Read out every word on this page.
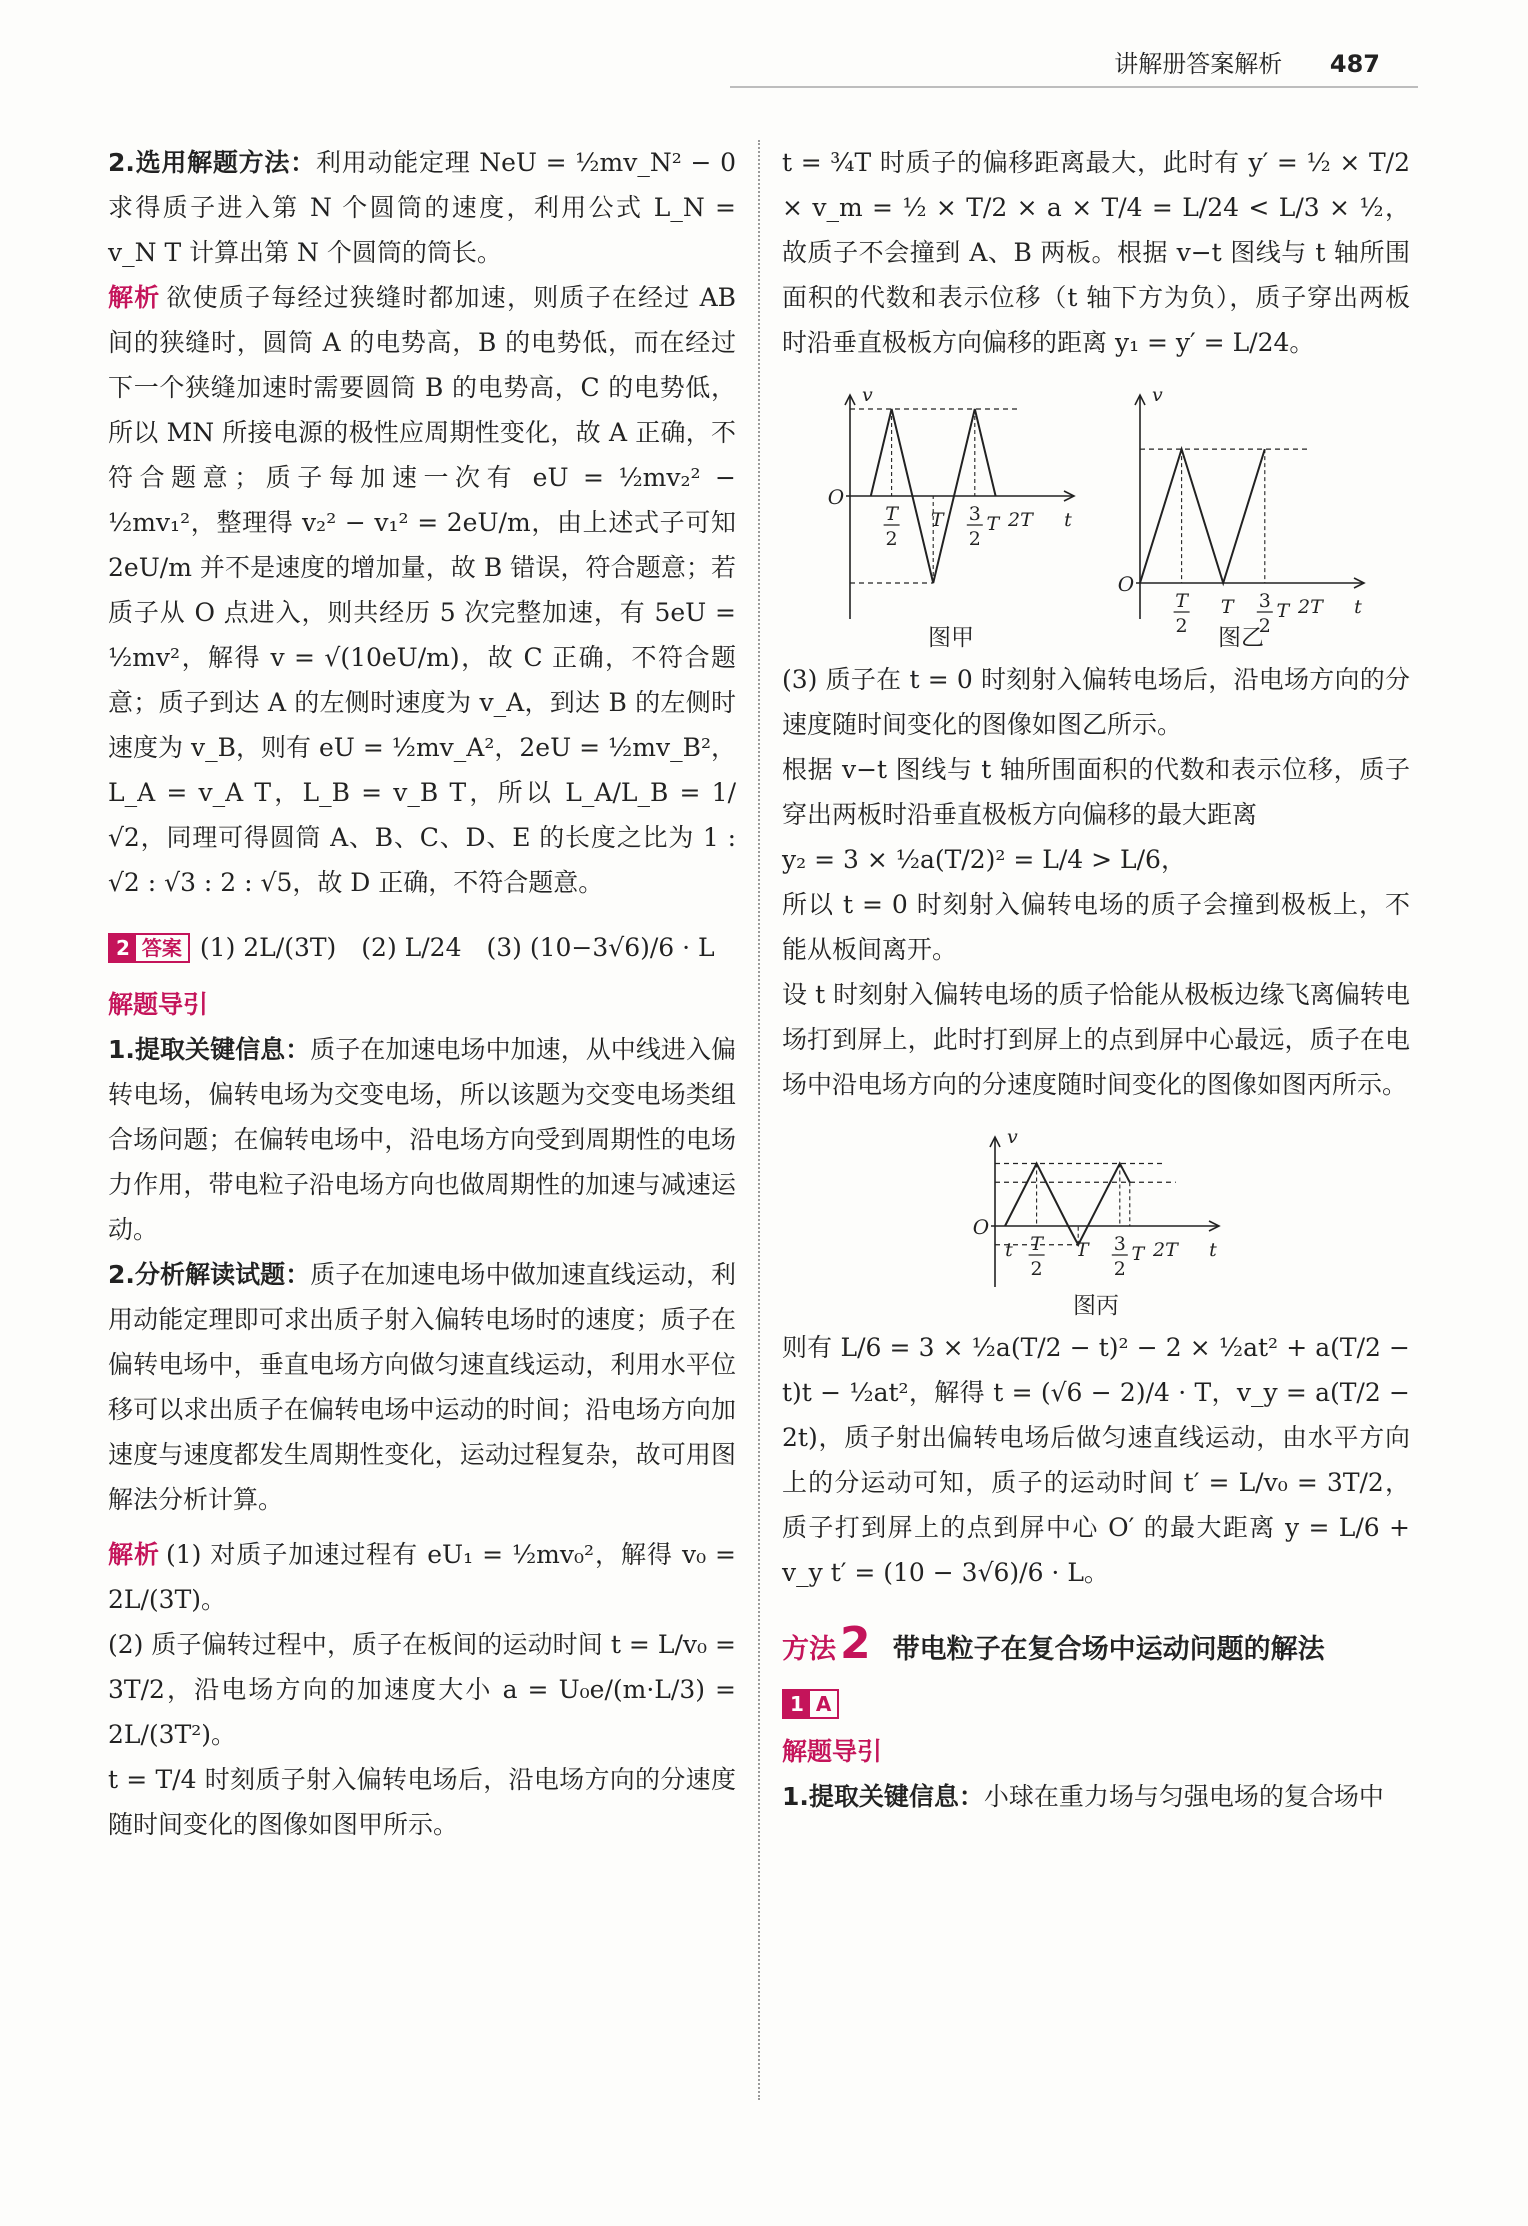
讲解册答案解析 487

2.选用解题方法：利用动能定理 NeU = ½mv_N² − 0 求得质子进入第 N 个圆筒的速度，利用公式 L_N = v_N T 计算出第 N 个圆筒的筒长。

解析 欲使质子每经过狭缝时都加速，则质子在经过 AB 间的狭缝时，圆筒 A 的电势高，B 的电势低，而在经过下一个狭缝加速时需要圆筒 B 的电势高，C 的电势低，所以 MN 所接电源的极性应周期性变化，故 A 正确，不符合题意；质子每加速一次有 eU = ½mv₂² − ½mv₁²，整理得 v₂² − v₁² = 2eU/m，由上述式子可知 2eU/m 并不是速度的增加量，故 B 错误，符合题意；若质子从 O 点进入，则共经历 5 次完整加速，有 5eU = ½mv²，解得 v = √(10eU/m)，故 C 正确，不符合题意；质子到达 A 的左侧时速度为 v_A，到达 B 的左侧时速度为 v_B，则有 eU = ½mv_A²，2eU = ½mv_B²，L_A = v_A T，L_B = v_B T，所以 L_A/L_B = 1/√2，同理可得圆筒 A、B、C、D、E 的长度之比为 1 : √2 : √3 : 2 : √5，故 D 正确，不符合题意。

2 答案 (1) 2L/(3T)　(2) L/24　(3) (10−3√6)/6 · L

解题导引

1.提取关键信息：质子在加速电场中加速，从中线进入偏转电场，偏转电场为交变电场，所以该题为交变电场类组合场问题；在偏转电场中，沿电场方向受到周期性的电场力作用，带电粒子沿电场方向也做周期性的加速与减速运动。

2.分析解读试题：质子在加速电场中做加速直线运动，利用动能定理即可求出质子射入偏转电场时的速度；质子在偏转电场中，垂直电场方向做匀速直线运动，利用水平位移可以求出质子在偏转电场中运动的时间；沿电场方向加速度与速度都发生周期性变化，运动过程复杂，故可用图解法分析计算。

解析 (1) 对质子加速过程有 eU₁ = ½mv₀²，解得 v₀ = 2L/(3T)。

(2) 质子偏转过程中，质子在板间的运动时间 t = L/v₀ = 3T/2，沿电场方向的加速度大小 a = U₀e/(m·L/3) = 2L/(3T²)。

t = T/4 时刻质子射入偏转电场后，沿电场方向的分速度随时间变化的图像如图甲所示。

t = ¾T 时质子的偏移距离最大，此时有 y′ = ½ × T/2 × v_m = ½ × T/2 × a × T/4 = L/24 < L/3 × ½，故质子不会撞到 A、B 两板。根据 v−t 图线与 t 轴所围面积的代数和表示位移（t 轴下方为负），质子穿出两板时沿垂直极板方向偏移的距离 y₁ = y′ = L/24。

v
t
O
T
2
T 3
2
T 2T
图甲
v
t
O
T
2
T 3
2
T 2T
图乙

(3) 质子在 t = 0 时刻射入偏转电场后，沿电场方向的分速度随时间变化的图像如图乙所示。

根据 v−t 图线与 t 轴所围面积的代数和表示位移，质子穿出两板时沿垂直极板方向偏移的最大距离

y₂ = 3 × ½a(T/2)² = L/4 > L/6，

所以 t = 0 时刻射入偏转电场的质子会撞到极板上，不能从板间离开。

设 t 时刻射入偏转电场的质子恰能从极板边缘飞离偏转电场打到屏上，此时打到屏上的点到屏中心最远，质子在电场中沿电场方向的分速度随时间变化的图像如图丙所示。

v
t
O
t T
2
T 3
2
T 2T
图丙

则有 L/6 = 3 × ½a(T/2 − t)² − 2 × ½at² + a(T/2 − t)t − ½at²，解得 t = (√6 − 2)/4 · T，v_y = a(T/2 − 2t)，质子射出偏转电场后做匀速直线运动，由水平方向上的分运动可知，质子的运动时间 t′ = L/v₀ = 3T/2，质子打到屏上的点到屏中心 O′ 的最大距离 y = L/6 + v_y t′ = (10 − 3√6)/6 · L。

方法 2 带电粒子在复合场中运动问题的解法
1 A

解题导引

1.提取关键信息：小球在重力场与匀强电场的复合场中
